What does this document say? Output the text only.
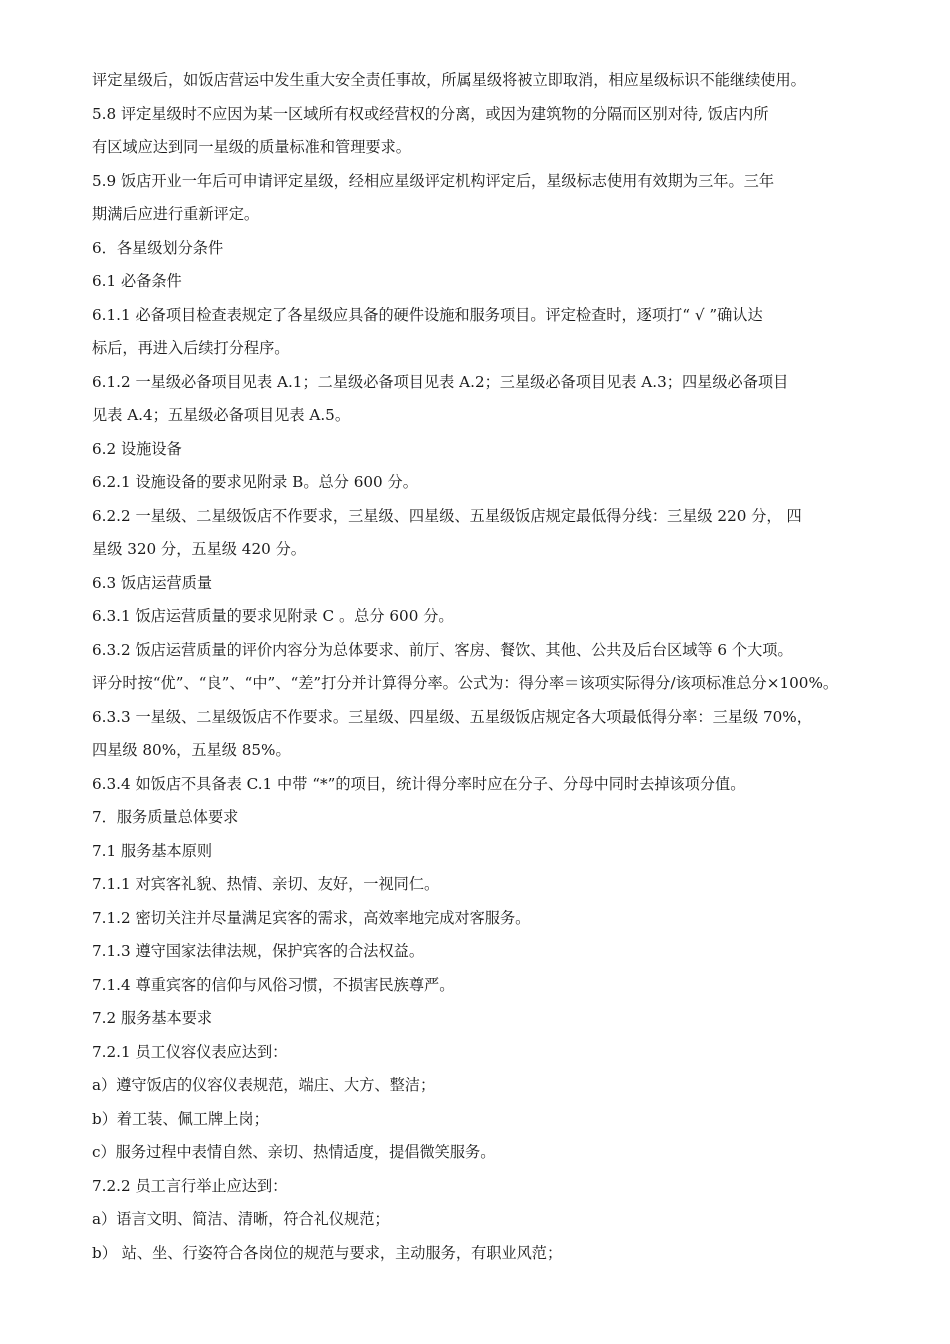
评定星级后，如饭店营运中发生重大安全责任事故，所属星级将被立即取消，相应星级标识不能继续使用。
5.8 评定星级时不应因为某一区域所有权或经营权的分离，或因为建筑物的分隔而区别对待, 饭店内所
有区域应达到同一星级的质量标准和管理要求。
5.9 饭店开业一年后可申请评定星级，经相应星级评定机构评定后，星级标志使用有效期为三年。三年
期满后应进行重新评定。
6．各星级划分条件
6.1 必备条件
6.1.1 必备项目检查表规定了各星级应具备的硬件设施和服务项目。评定检查时，逐项打“ √ ”确认达
标后，再进入后续打分程序。
6.1.2 一星级必备项目见表 A.1；二星级必备项目见表 A.2；三星级必备项目见表 A.3；四星级必备项目
见表 A.4；五星级必备项目见表 A.5。
6.2 设施设备
6.2.1 设施设备的要求见附录 B。总分 600 分。
6.2.2 一星级、二星级饭店不作要求，三星级、四星级、五星级饭店规定最低得分线：三星级 220 分， 四
星级 320 分，五星级 420 分。
6.3 饭店运营质量
6.3.1 饭店运营质量的要求见附录 C 。总分 600 分。
6.3.2 饭店运营质量的评价内容分为总体要求、前厅、客房、餐饮、其他、公共及后台区域等 6 个大项。
评分时按“优”、“良”、“中”、“差”打分并计算得分率。公式为：得分率＝该项实际得分/该项标准总分×100%。
6.3.3 一星级、二星级饭店不作要求。三星级、四星级、五星级饭店规定各大项最低得分率：三星级 70%，
四星级 80%，五星级 85%。
6.3.4 如饭店不具备表 C.1 中带 “*”的项目，统计得分率时应在分子、分母中同时去掉该项分值。
7．服务质量总体要求
7.1 服务基本原则
7.1.1 对宾客礼貌、热情、亲切、友好，一视同仁。
7.1.2 密切关注并尽量满足宾客的需求，高效率地完成对客服务。
7.1.3 遵守国家法律法规，保护宾客的合法权益。
7.1.4 尊重宾客的信仰与风俗习惯，不损害民族尊严。
7.2 服务基本要求
7.2.1 员工仪容仪表应达到：
a）遵守饭店的仪容仪表规范，端庄、大方、整洁；
b）着工装、佩工牌上岗；
c）服务过程中表情自然、亲切、热情适度，提倡微笑服务。
7.2.2 员工言行举止应达到：
a）语言文明、简洁、清晰，符合礼仪规范；
b） 站、坐、行姿符合各岗位的规范与要求，主动服务，有职业风范；
